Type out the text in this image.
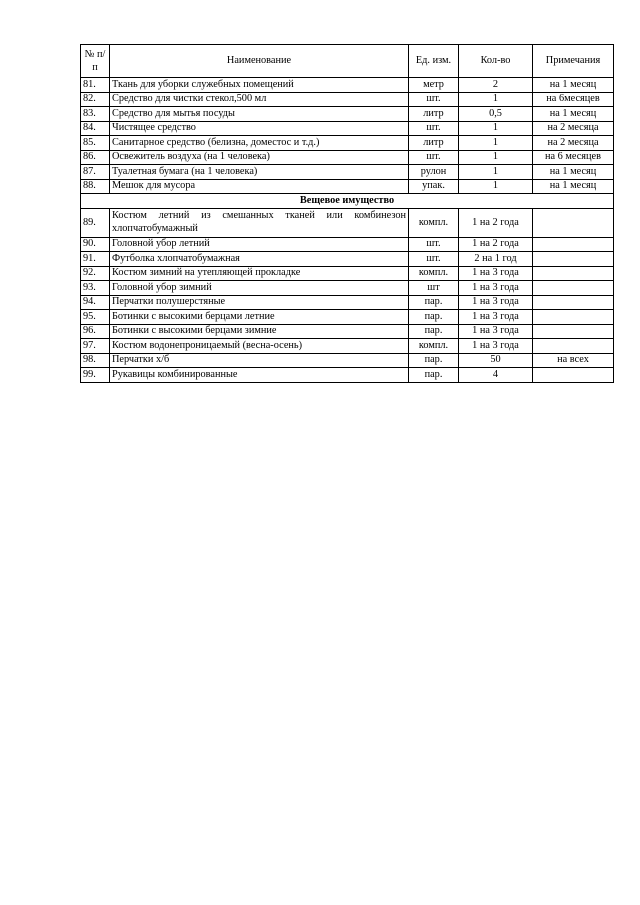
№ п/п	Наименование	Ед. изм.	Кол-во	Примечания
81.	Ткань для уборки служебных помещений	метр	2	на 1 месяц
82.	Средство для чистки стекол,500 мл	шт.	1	на 6месяцев
83.	Средство для мытья посуды	литр	0,5	на 1 месяц
84.	Чистящее средство	шт.	1	на 2 месяца
85.	Санитарное средство (белизна, доместос и т.д.)	литр	1	на 2 месяца
86.	Освежитель воздуха (на 1 человека)	шт.	1	на 6 месяцев
87.	Туалетная бумага (на 1 человека)	рулон	1	на 1 месяц
88.	Мешок для мусора	упак.	1	на 1 месяц
Вещевое имущество				
89.	Костюм летний из смешанных тканей или комбинезон хлопчатобумажный	компл.	1 на 2 года	
90.	Головной убор летний	шт.	1 на 2 года	
91.	Футболка хлопчатобумажная	шт.	2 на 1 год	
92.	Костюм зимний на утепляющей прокладке	компл.	1 на 3 года	
93.	Головной убор зимний	шт	1 на 3 года	
94.	Перчатки полушерстяные	пар.	1 на 3 года	
95.	Ботинки с высокими берцами летние	пар.	1 на 3 года	
96.	Ботинки с высокими берцами зимние	пар.	1 на 3 года	
97.	Костюм водонепроницаемый (весна-осень)	компл.	1 на 3 года	
98.	Перчатки х/б	пар.	50	на всех
99.	Рукавицы комбинированные	пар.	4	
